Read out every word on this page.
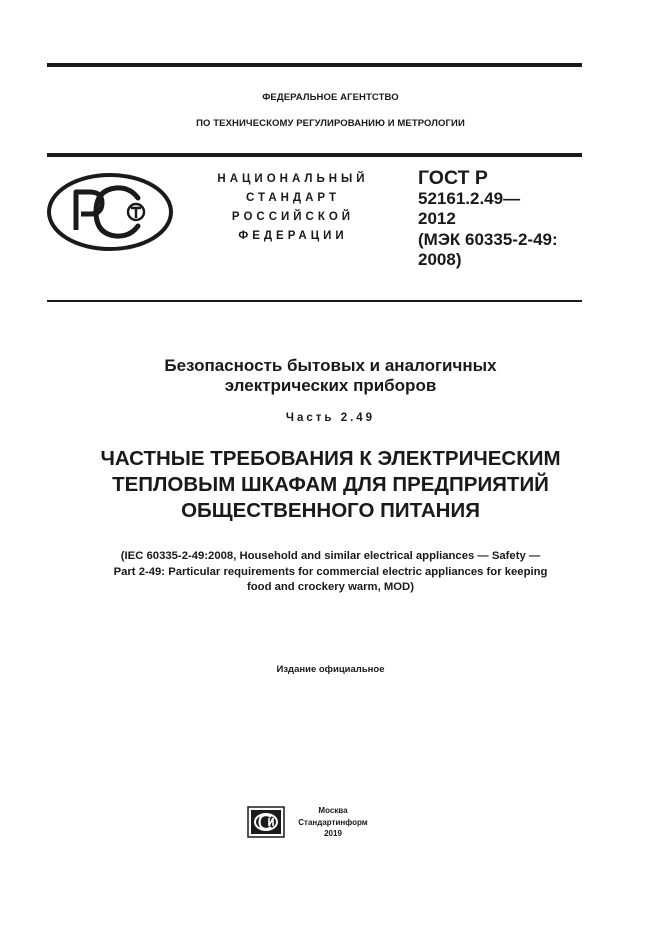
ФЕДЕРАЛЬНОЕ АГЕНТСТВО
ПО ТЕХНИЧЕСКОМУ РЕГУЛИРОВАНИЮ И МЕТРОЛОГИИ
НАЦИОНАЛЬНЫЙ
СТАНДАРТ
РОССИЙСКОЙ
ФЕДЕРАЦИИ
ГОСТ Р
52161.2.49—
2012
(МЭК 60335-2-49:
2008)
Безопасность бытовых и аналогичных
электрических приборов
Часть 2.49
ЧАСТНЫЕ ТРЕБОВАНИЯ К ЭЛЕКТРИЧЕСКИМ
ТЕПЛОВЫМ ШКАФАМ ДЛЯ ПРЕДПРИЯТИЙ
ОБЩЕСТВЕННОГО ПИТАНИЯ
(IEC 60335-2-49:2008, Household and similar electrical appliances — Safety —
Part 2-49: Particular requirements for commercial electric appliances for keeping
food and crockery warm, MOD)
Издание официальное
Москва
Стандартинформ
2019
